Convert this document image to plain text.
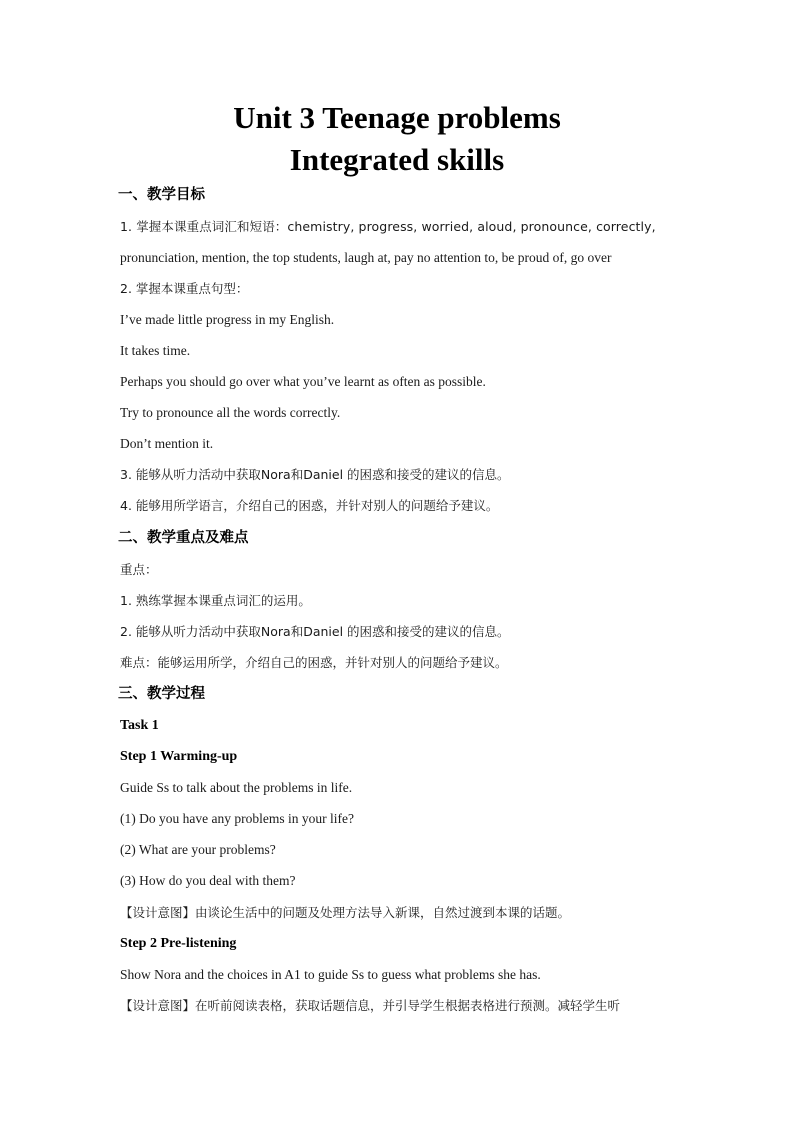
Unit 3 Teenage problems
Integrated skills
一、教学目标
1. 掌握本课重点词汇和短语：chemistry, progress, worried, aloud, pronounce, correctly,
pronunciation, mention, the top students, laugh at, pay no attention to, be proud of, go over
2. 掌握本课重点句型：
I’ve made little progress in my English.
It takes time.
Perhaps you should go over what you’ve learnt as often as possible.
Try to pronounce all the words correctly.
Don’t mention it.
3. 能够从听力活动中获取Nora和Daniel 的困惑和接受的建议的信息。
4. 能够用所学语言，介绍自己的困惑，并针对别人的问题给予建议。
二、教学重点及难点
重点：
1. 熟练掌握本课重点词汇的运用。
2. 能够从听力活动中获取Nora和Daniel 的困惑和接受的建议的信息。
难点：能够运用所学，介绍自己的困惑，并针对别人的问题给予建议。
三、教学过程
Task 1
Step 1 Warming-up
Guide Ss to talk about the problems in life.
(1) Do you have any problems in your life?
(2) What are your problems?
(3) How do you deal with them?
【设计意图】由谈论生活中的问题及处理方法导入新课，自然过渡到本课的话题。
Step 2 Pre-listening
Show Nora and the choices in A1 to guide Ss to guess what problems she has.
【设计意图】在听前阅读表格，获取话题信息，并引导学生根据表格进行预测。减轻学生听
